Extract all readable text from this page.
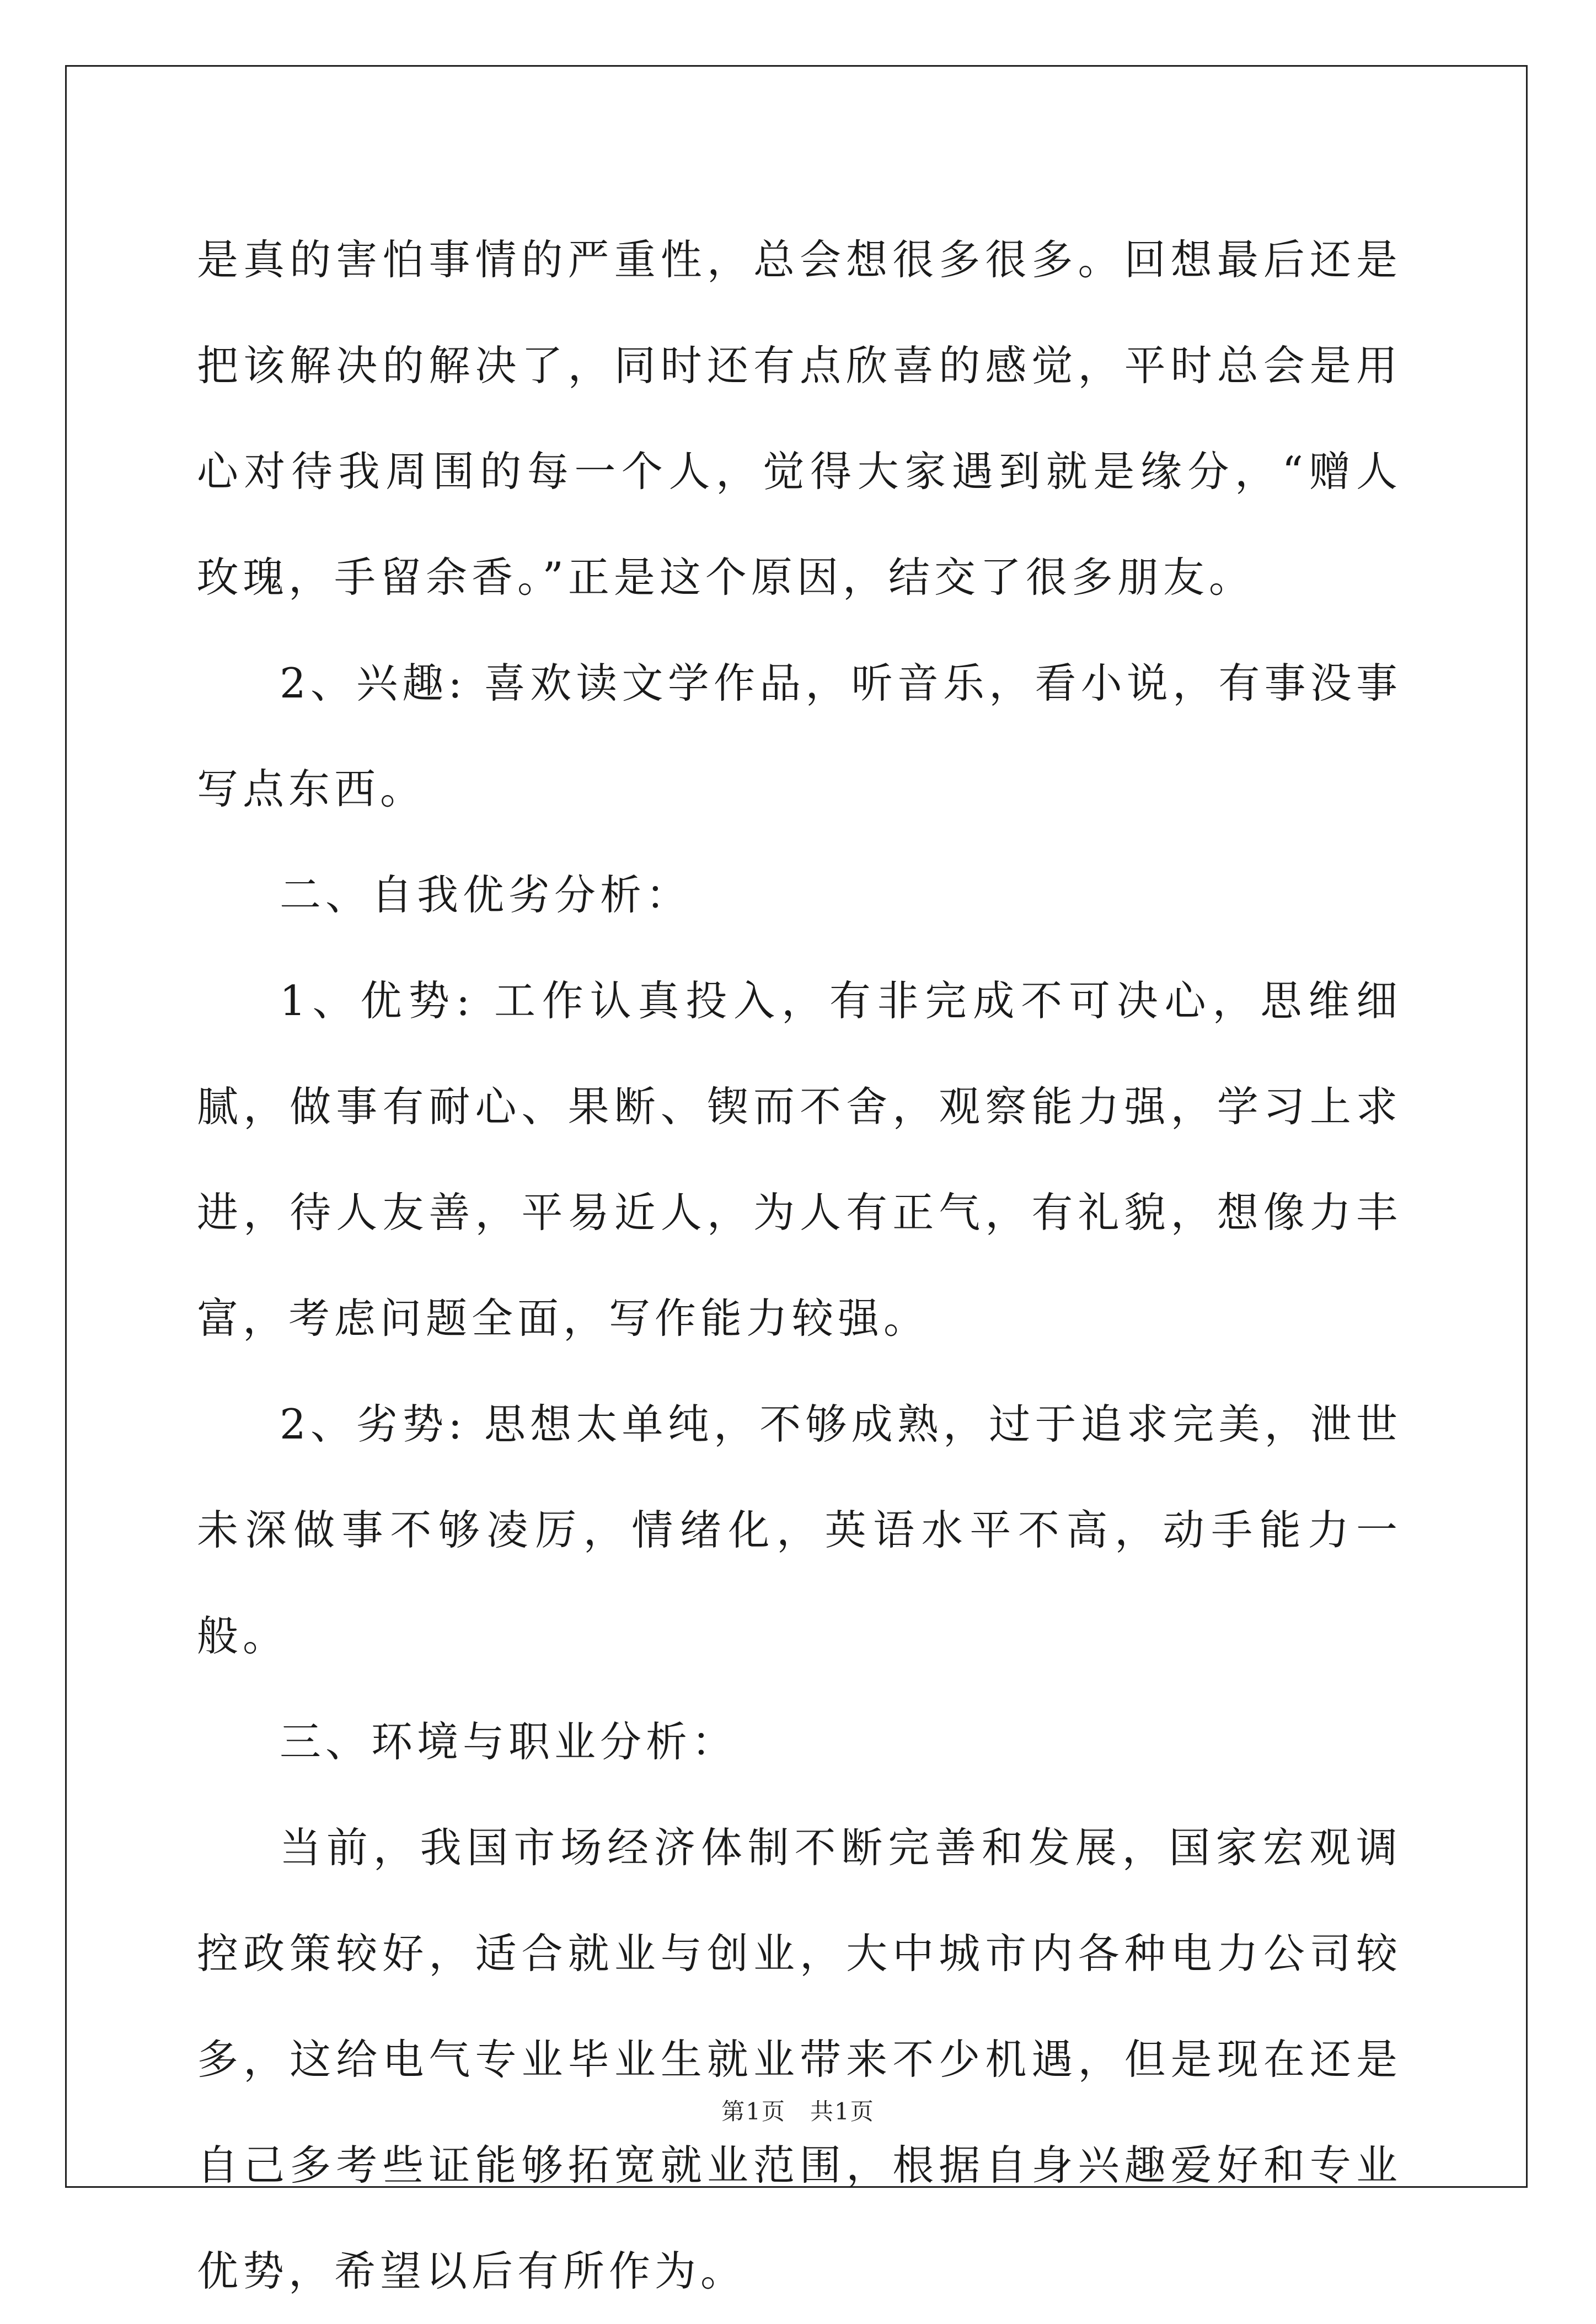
是真的害怕事情的严重性，总会想很多很多。回想最后还是把该解决的解决了，同时还有点欣喜的感觉，平时总会是用心对待我周围的每一个人，觉得大家遇到就是缘分，“赠人玫瑰，手留余香。”正是这个原因，结交了很多朋友。

2、兴趣: 喜欢读文学作品，听音乐，看小说，有事没事写点东西。

二、自我优劣分析：

1、优势: 工作认真投入，有非完成不可决心，思维细腻，做事有耐心、果断、锲而不舍，观察能力强，学习上求进，待人友善，平易近人，为人有正气，有礼貌，想像力丰富，考虑问题全面，写作能力较强。

2、劣势: 思想太单纯，不够成熟，过于追求完美，泄世未深做事不够凌厉，情绪化，英语水平不高，动手能力一般。

三、环境与职业分析：

当前，我国市场经济体制不断完善和发展，国家宏观调控政策较好，适合就业与创业，大中城市内各种电力公司较多，这给电气专业毕业生就业带来不少机遇，但是现在还是自己多考些证能够拓宽就业范围，根据自身兴趣爱好和专业优势，希望以后有所作为。

第1页　共1页
